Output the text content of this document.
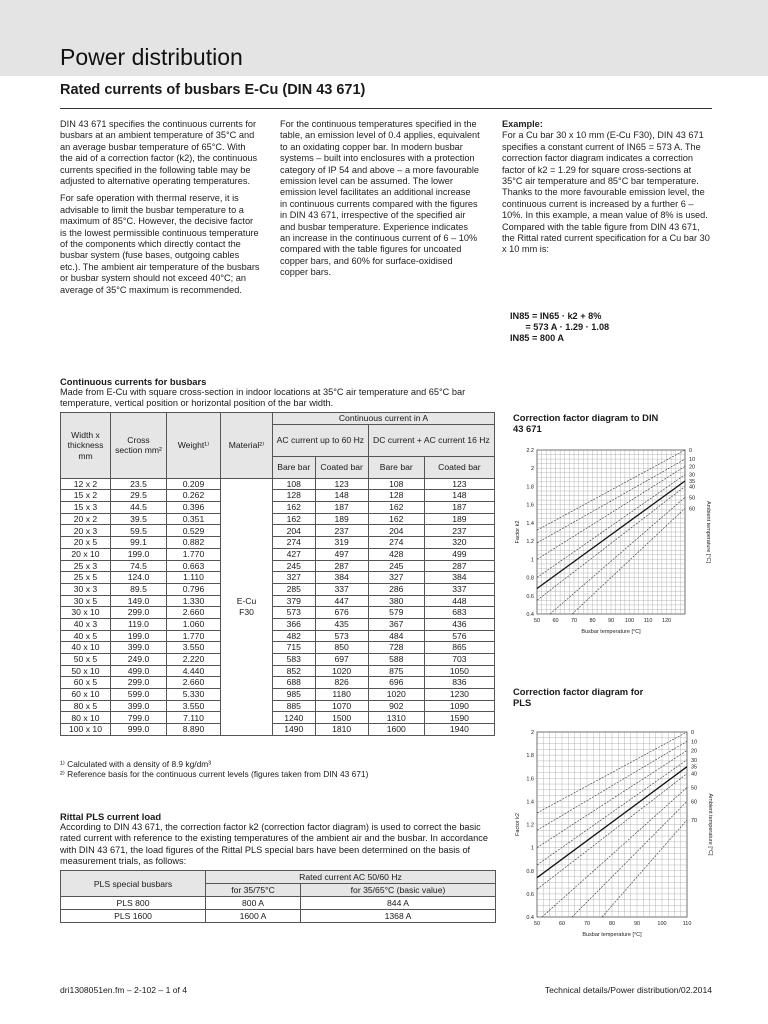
Power distribution
Rated currents of busbars E-Cu (DIN 43 671)

DIN 43 671 specifies the continuous currents for busbars at an ambient temperature of 35°C and an average busbar temperature of 65°C. With the aid of a correction factor (k2), the continuous currents specified in the following table may be adjusted to alternative operating temperatures.

For safe operation with thermal reserve, it is advisable to limit the busbar temperature to a maximum of 85°C. However, the decisive factor is the lowest permissible continuous temperature of the components which directly contact the busbar system (fuse bases, outgoing cables etc.). The ambient air temperature of the busbars or busbar system should not exceed 40°C; an average of 35°C maximum is recommended.

For the continuous temperatures specified in the table, an emission level of 0.4 applies, equivalent to an oxidating copper bar. In modern busbar systems – built into enclosures with a protection category of IP 54 and above – a more favourable emission level can be assumed. The lower emission level facilitates an additional increase in continuous currents compared with the figures in DIN 43 671, irrespective of the specified air and busbar temperature. Experience indicates an increase in the continuous current of 6 – 10% compared with the table figures for uncoated copper bars, and 60% for surface-oxidised copper bars.

Example:
For a Cu bar 30 x 10 mm (E-Cu F30), DIN 43 671 specifies a constant current of IN65 = 573 A. The correction factor diagram indicates a correction factor of k2 = 1.29 for square cross-sections at 35°C air temperature and 85°C bar temperature. Thanks to the more favourable emission level, the continuous current is increased by a further 6 – 10%. In this example, a mean value of 8% is used. Compared with the table figure from DIN 43 671, the Rittal rated current specification for a Cu bar 30 x 10 mm is:
IN85 = IN65 · k2 + 8%
= 573 A · 1.29 · 1.08
IN85 = 800 A
Continuous currents for busbars
Made from E-Cu with square cross-section in indoor locations at 35°C air temperature and 65°C bar temperature, vertical position or horizontal position of the bar width.
Width x thickness mm	Cross section mm²	Weight¹⁾	Material²⁾	Continuous current in A			
				AC current up to 60 Hz		DC current + AC current 16 Hz	
				Bare bar	Coated bar	Bare bar	Coated bar
12 x 2	23.5	0.209	E-Cu F30	108	123	108	123
15 x 2	29.5	0.262		128	148	128	148
15 x 3	44.5	0.396		162	187	162	187
20 x 2	39.5	0.351		162	189	162	189
20 x 3	59.5	0.529		204	237	204	237
20 x 5	99.1	0.882		274	319	274	320
20 x 10	199.0	1.770		427	497	428	499
25 x 3	74.5	0.663		245	287	245	287
25 x 5	124.0	1.110		327	384	327	384
30 x 3	89.5	0.796		285	337	286	337
30 x 5	149.0	1.330		379	447	380	448
30 x 10	299.0	2.660		573	676	579	683
40 x 3	119.0	1.060		366	435	367	436
40 x 5	199.0	1.770		482	573	484	576
40 x 10	399.0	3.550		715	850	728	865
50 x 5	249.0	2.220		583	697	588	703
50 x 10	499.0	4.440		852	1020	875	1050
60 x 5	299.0	2.660		688	826	696	836
60 x 10	599.0	5.330		985	1180	1020	1230
80 x 5	399.0	3.550		885	1070	902	1090
80 x 10	799.0	7.110		1240	1500	1310	1590
100 x 10	999.0	8.890		1490	1810	1600	1940
¹⁾ Calculated with a density of 8.9 kg/dm³
²⁾ Reference basis for the continuous current levels (figures taken from DIN 43 671)
Rittal PLS current load
According to DIN 43 671, the correction factor k2 (correction factor diagram) is used to correct the basic rated current with reference to the existing temperatures of the ambient air and the busbar. In accordance with DIN 43 671, the load figures of the Rittal PLS special bars have been determined on the basis of measurement trials, as follows:
PLS special busbars	Rated current AC 50/60 Hz	
	for 35/75°C	for 35/65°C (basic value)
PLS 800	800 A	844 A
PLS 1600	1600 A	1368 A
Correction factor diagram to DIN 43 671
50 60 70 80 90 100 110 120
0.4
0.6
0.8
1
1.2
1.4
1.6
1.8
2
2.2	0
10
20
30
35
40
50
60
Busbar temperature [°C]
Factor k2	Ambient temperature [°C]
Correction factor diagram for PLS
50	60	70	80	90	100	110
0.4
0.6
0.8
1
1.2
1.4
1.6
1.8
2	0
10
20
30
35
40
50
60
70
Busbar temperature [°C]
Factor k2	Ambient temperature [°C]
dri1308051en.fm – 2-102 – 1 of 4	Technical details/Power distribution/02.2014
